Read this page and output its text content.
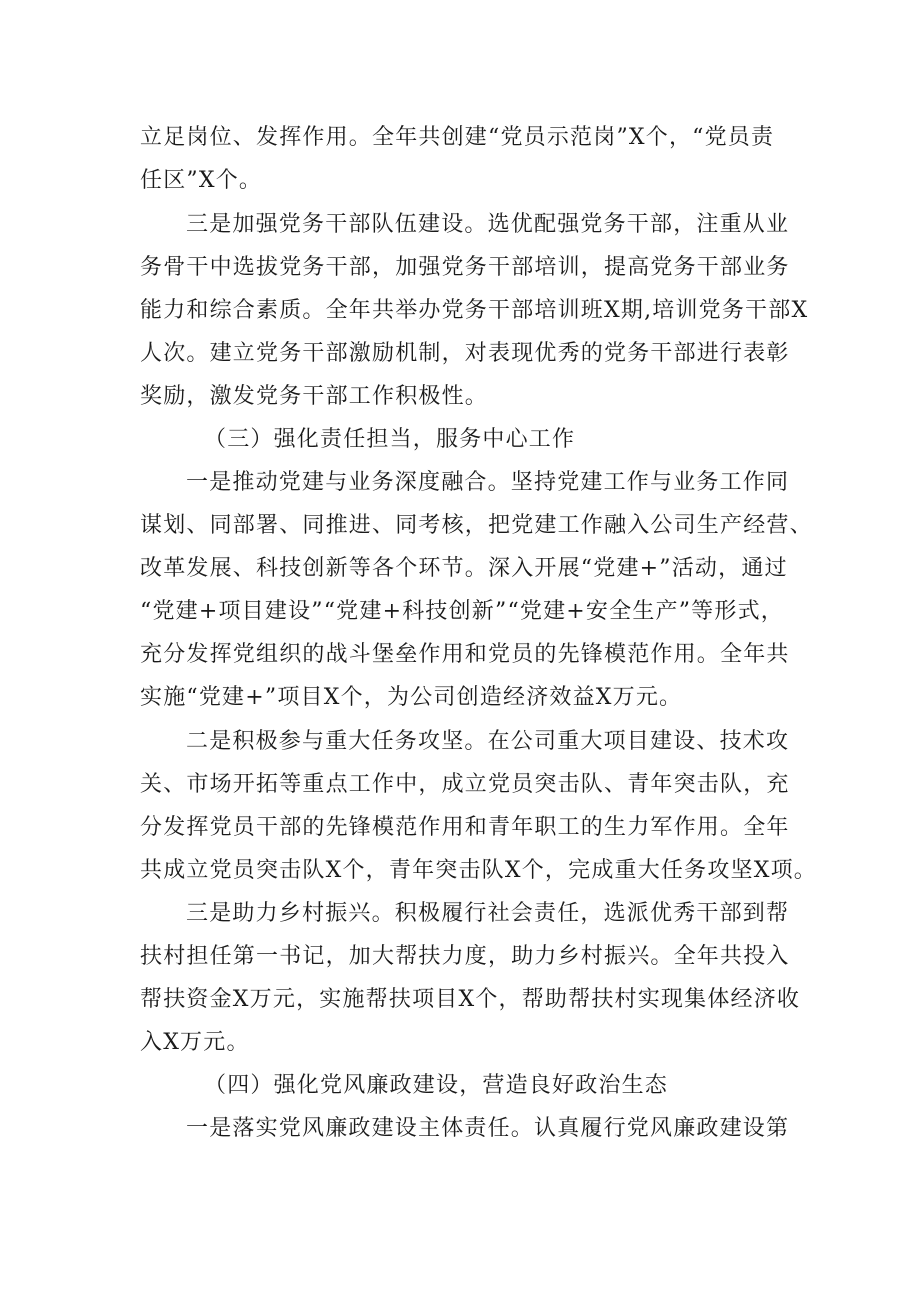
立足岗位、发挥作用。全年共创建“党员示范岗”X个，“党员责
任区”X个。
三是加强党务干部队伍建设。选优配强党务干部，注重从业
务骨干中选拔党务干部，加强党务干部培训，提高党务干部业务
能力和综合素质。全年共举办党务干部培训班X期,培训党务干部X
人次。建立党务干部激励机制，对表现优秀的党务干部进行表彰
奖励，激发党务干部工作积极性。
（三）强化责任担当，服务中心工作
一是推动党建与业务深度融合。坚持党建工作与业务工作同
谋划、同部署、同推进、同考核，把党建工作融入公司生产经营、
改革发展、科技创新等各个环节。深入开展“党建+”活动，通过
“党建+项目建设”“党建+科技创新”“党建+安全生产”等形式，
充分发挥党组织的战斗堡垒作用和党员的先锋模范作用。全年共
实施“党建+”项目X个，为公司创造经济效益X万元。
二是积极参与重大任务攻坚。在公司重大项目建设、技术攻
关、市场开拓等重点工作中，成立党员突击队、青年突击队，充
分发挥党员干部的先锋模范作用和青年职工的生力军作用。全年
共成立党员突击队X个，青年突击队X个，完成重大任务攻坚X项。
三是助力乡村振兴。积极履行社会责任，选派优秀干部到帮
扶村担任第一书记，加大帮扶力度，助力乡村振兴。全年共投入
帮扶资金X万元，实施帮扶项目X个，帮助帮扶村实现集体经济收
入X万元。
（四）强化党风廉政建设，营造良好政治生态
一是落实党风廉政建设主体责任。认真履行党风廉政建设第
